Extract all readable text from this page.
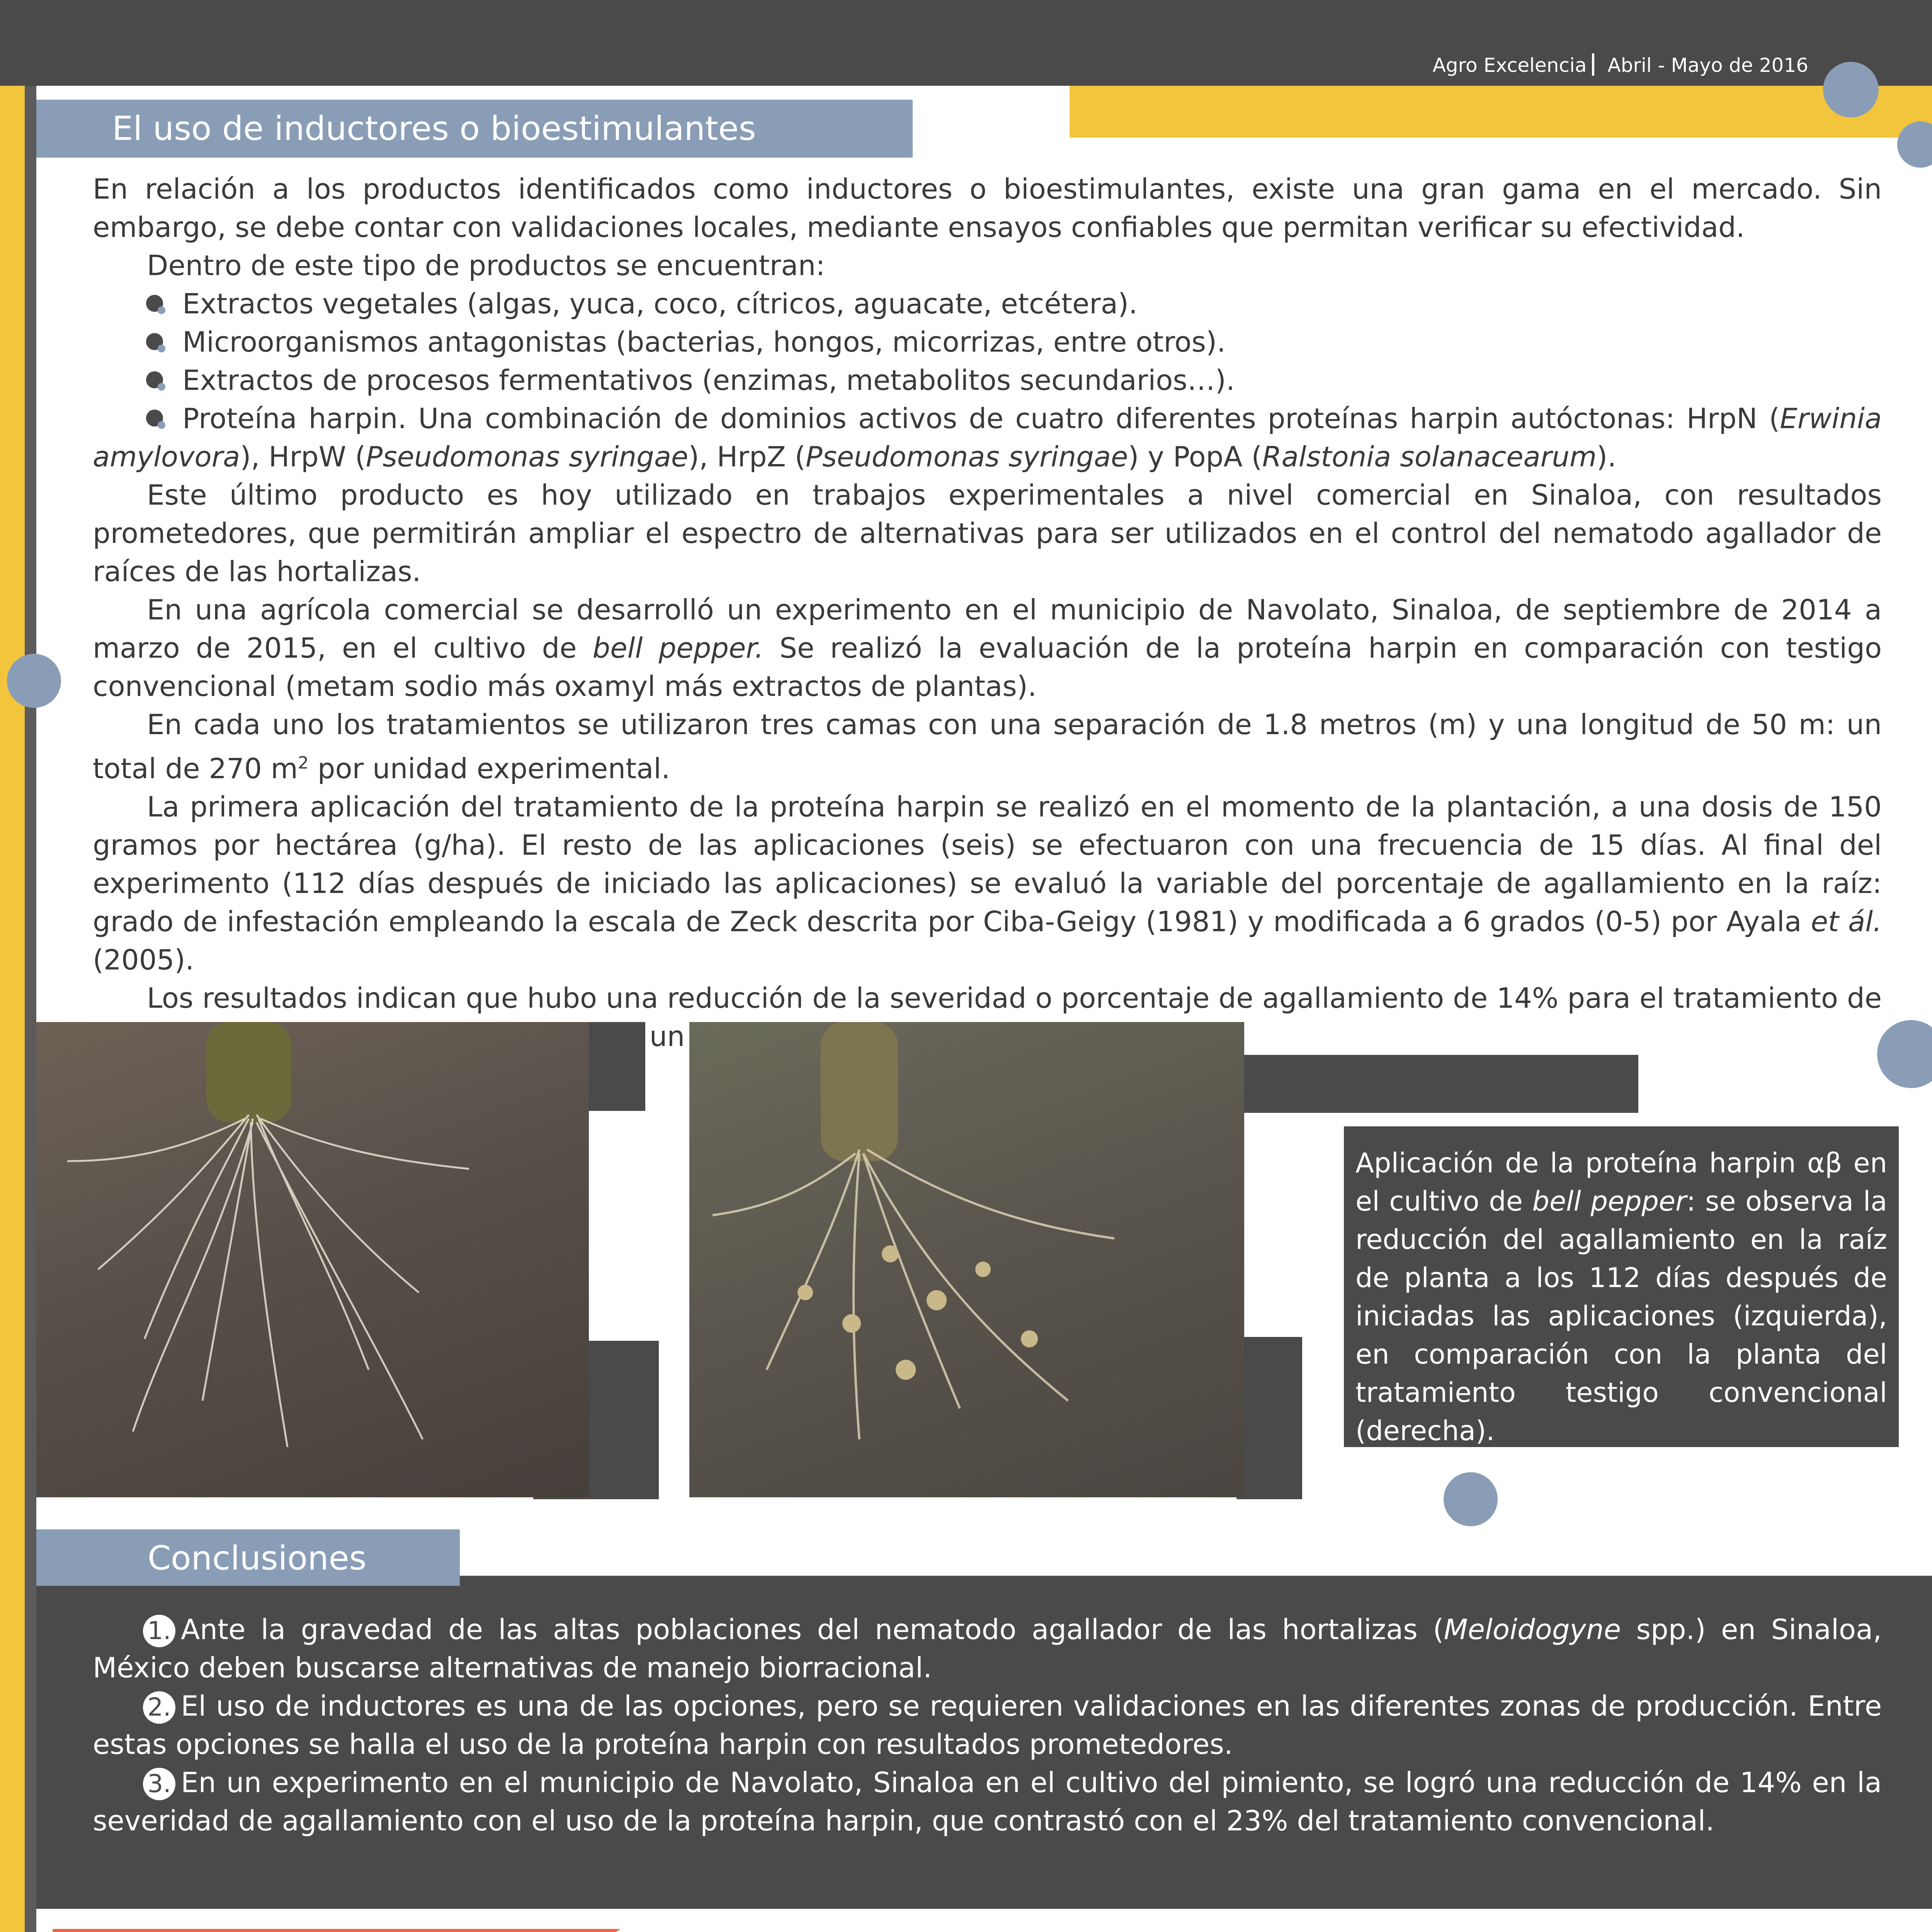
Agro Excelencia Abril - Mayo de 2016
El uso de inductores o bioestimulantes

En relación a los productos identificados como inductores o bioestimulantes, existe una gran gama en el mercado. Sin embargo, se debe contar con validaciones locales, mediante ensayos confiables que permitan verificar su efectividad.

Dentro de este tipo de productos se encuentran:

Extractos vegetales (algas, yuca, coco, cítricos, aguacate, etcétera).

Microorganismos antagonistas (bacterias, hongos, micorrizas, entre otros).

Extractos de procesos fermentativos (enzimas, metabolitos secundarios…).

Proteína harpin. Una combinación de dominios activos de cuatro diferentes proteínas harpin autóctonas: HrpN (Erwinia amylovora), HrpW (Pseudomonas syringae), HrpZ (Pseudomonas syringae) y PopA (Ralstonia solanacearum).

Este último producto es hoy utilizado en trabajos experimentales a nivel comercial en Sinaloa, con resultados prometedores, que permitirán ampliar el espectro de alternativas para ser utilizados en el control del nematodo agallador de raíces de las hortalizas.

En una agrícola comercial se desarrolló un experimento en el municipio de Navolato, Sinaloa, de septiembre de 2014 a marzo de 2015, en el cultivo de bell pepper. Se realizó la evaluación de la proteína harpin en comparación con testigo convencional (metam sodio más oxamyl más extractos de plantas).

En cada uno los tratamientos se utilizaron tres camas con una separación de 1.8 metros (m) y una longitud de 50 m: un total de 270 $m^2$ por unidad experimental.

La primera aplicación del tratamiento de la proteína harpin se realizó en el momento de la plantación, a una dosis de 150 gramos por hectárea (g/ha). El resto de las aplicaciones (seis) se efectuaron con una frecuencia de 15 días. Al final del experimento (112 días después de iniciado las aplicaciones) se evaluó la variable del porcentaje de agallamiento en la raíz: grado de infestación empleando la escala de Zeck descrita por Ciba-Geigy (1981) y modificada a 6 grados (0-5) por Ayala et ál. (2005).

Los resultados indican que hubo una reducción de la severidad o porcentaje de agallamiento de 14% para el tratamiento de un

Aplicación de la proteína harpin αβ en el cultivo de bell pepper: se observa la reducción del agallamiento en la raíz de planta a los 112 días después de iniciadas las aplicaciones (izquierda), en comparación con la planta del tratamiento testigo convencional (derecha).
Conclusiones

1. Ante la gravedad de las altas poblaciones del nematodo agallador de las hortalizas (Meloidogyne spp.) en Sinaloa, México deben buscarse alternativas de manejo biorracional.

2. El uso de inductores es una de las opciones, pero se requieren validaciones en las diferentes zonas de producción. Entre estas opciones se halla el uso de la proteína harpin con resultados prometedores.

3. En un experimento en el municipio de Navolato, Sinaloa en el cultivo del pimiento, se logró una reducción de 14% en la severidad de agallamiento con el uso de la proteína harpin, que contrastó con el 23% del tratamiento convencional.
